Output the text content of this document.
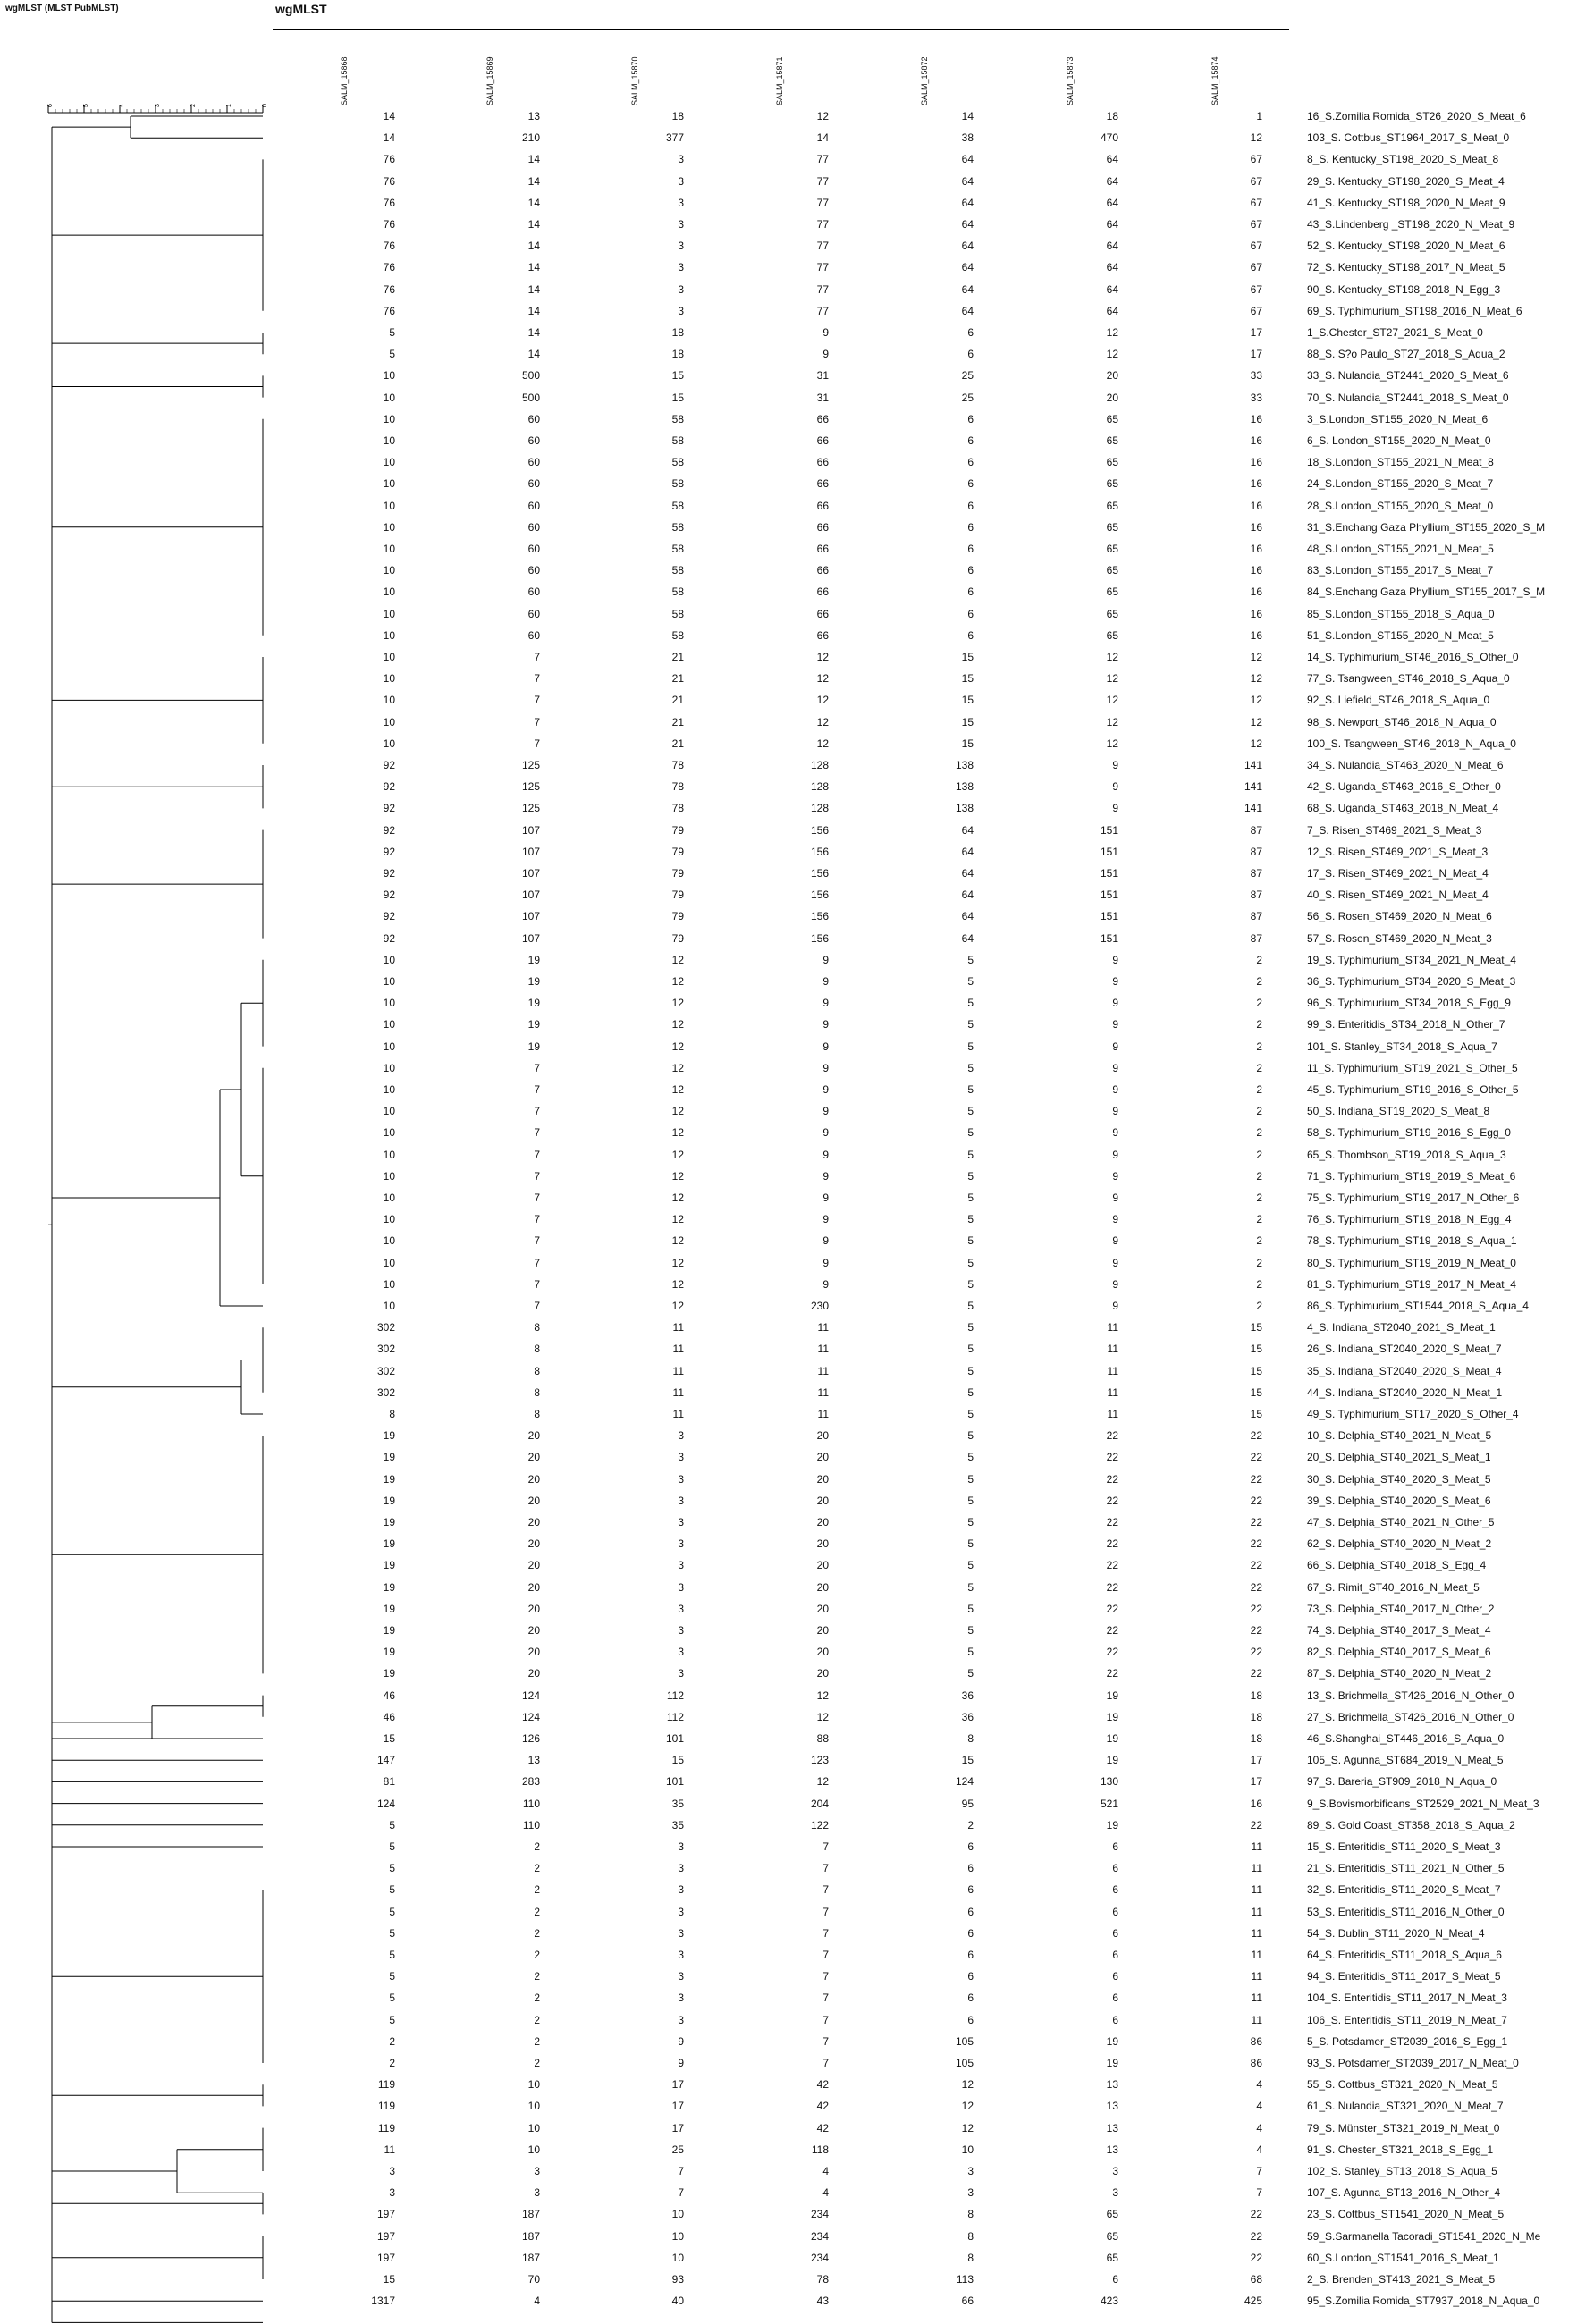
wgMLST (MLST PubMLST)	wgMLST
SALM_15868	SALM_15869	SALM_15870	SALM_15871	SALM_15872	SALM_15873	SALM_15874
6	5	4	3	2	1	0
14	13	18	12	14	18	1	16_S.Zomilia Romida_ST26_2020_S_Meat_6
14	210	377	14	38	470	12	103_S. Cottbus_ST1964_2017_S_Meat_0
76	14	3	77	64	64	67	8_S. Kentucky_ST198_2020_S_Meat_8
76	14	3	77	64	64	67	29_S. Kentucky_ST198_2020_S_Meat_4
76	14	3	77	64	64	67	41_S. Kentucky_ST198_2020_N_Meat_9
76	14	3	77	64	64	67	43_S.Lindenberg _ST198_2020_N_Meat_9
76	14	3	77	64	64	67	52_S. Kentucky_ST198_2020_N_Meat_6
76	14	3	77	64	64	67	72_S. Kentucky_ST198_2017_N_Meat_5
76	14	3	77	64	64	67	90_S. Kentucky_ST198_2018_N_Egg_3
76	14	3	77	64	64	67	69_S. Typhimurium_ST198_2016_N_Meat_6
5	14	18	9	6	12	17	1_S.Chester_ST27_2021_S_Meat_0
5	14	18	9	6	12	17	88_S. S?o Paulo_ST27_2018_S_Aqua_2
10	500	15	31	25	20	33	33_S. Nulandia_ST2441_2020_S_Meat_6
10	500	15	31	25	20	33	70_S. Nulandia_ST2441_2018_S_Meat_0
10	60	58	66	6	65	16	3_S.London_ST155_2020_N_Meat_6
10	60	58	66	6	65	16	6_S. London_ST155_2020_N_Meat_0
10	60	58	66	6	65	16	18_S.London_ST155_2021_N_Meat_8
10	60	58	66	6	65	16	24_S.London_ST155_2020_S_Meat_7
10	60	58	66	6	65	16	28_S.London_ST155_2020_S_Meat_0
10	60	58	66	6	65	16	31_S.Enchang Gaza Phyllium_ST155_2020_S_M
10	60	58	66	6	65	16	48_S.London_ST155_2021_N_Meat_5
10	60	58	66	6	65	16	83_S.London_ST155_2017_S_Meat_7
10	60	58	66	6	65	16	84_S.Enchang Gaza Phyllium_ST155_2017_S_M
10	60	58	66	6	65	16	85_S.London_ST155_2018_S_Aqua_0
10	60	58	66	6	65	16	51_S.London_ST155_2020_N_Meat_5
10	7	21	12	15	12	12	14_S. Typhimurium_ST46_2016_S_Other_0
10	7	21	12	15	12	12	77_S. Tsangween_ST46_2018_S_Aqua_0
10	7	21	12	15	12	12	92_S. Liefield_ST46_2018_S_Aqua_0
10	7	21	12	15	12	12	98_S. Newport_ST46_2018_N_Aqua_0
10	7	21	12	15	12	12	100_S. Tsangween_ST46_2018_N_Aqua_0
92	125	78	128	138	9	141	34_S. Nulandia_ST463_2020_N_Meat_6
92	125	78	128	138	9	141	42_S. Uganda_ST463_2016_S_Other_0
92	125	78	128	138	9	141	68_S. Uganda_ST463_2018_N_Meat_4
92	107	79	156	64	151	87	7_S. Risen_ST469_2021_S_Meat_3
92	107	79	156	64	151	87	12_S. Risen_ST469_2021_S_Meat_3
92	107	79	156	64	151	87	17_S. Risen_ST469_2021_N_Meat_4
92	107	79	156	64	151	87	40_S. Risen_ST469_2021_N_Meat_4
92	107	79	156	64	151	87	56_S. Rosen_ST469_2020_N_Meat_6
92	107	79	156	64	151	87	57_S. Rosen_ST469_2020_N_Meat_3
10	19	12	9	5	9	2	19_S. Typhimurium_ST34_2021_N_Meat_4
10	19	12	9	5	9	2	36_S. Typhimurium_ST34_2020_S_Meat_3
10	19	12	9	5	9	2	96_S. Typhimurium_ST34_2018_S_Egg_9
10	19	12	9	5	9	2	99_S. Enteritidis_ST34_2018_N_Other_7
10	19	12	9	5	9	2	101_S. Stanley_ST34_2018_S_Aqua_7
10	7	12	9	5	9	2	11_S. Typhimurium_ST19_2021_S_Other_5
10	7	12	9	5	9	2	45_S. Typhimurium_ST19_2016_S_Other_5
10	7	12	9	5	9	2	50_S. Indiana_ST19_2020_S_Meat_8
10	7	12	9	5	9	2	58_S. Typhimurium_ST19_2016_S_Egg_0
10	7	12	9	5	9	2	65_S. Thombson_ST19_2018_S_Aqua_3
10	7	12	9	5	9	2	71_S. Typhimurium_ST19_2019_S_Meat_6
10	7	12	9	5	9	2	75_S. Typhimurium_ST19_2017_N_Other_6
10	7	12	9	5	9	2	76_S. Typhimurium_ST19_2018_N_Egg_4
10	7	12	9	5	9	2	78_S. Typhimurium_ST19_2018_S_Aqua_1
10	7	12	9	5	9	2	80_S. Typhimurium_ST19_2019_N_Meat_0
10	7	12	9	5	9	2	81_S. Typhimurium_ST19_2017_N_Meat_4
10	7	12	230	5	9	2	86_S. Typhimurium_ST1544_2018_S_Aqua_4
302	8	11	11	5	11	15	4_S. Indiana_ST2040_2021_S_Meat_1
302	8	11	11	5	11	15	26_S. Indiana_ST2040_2020_S_Meat_7
302	8	11	11	5	11	15	35_S. Indiana_ST2040_2020_S_Meat_4
302	8	11	11	5	11	15	44_S. Indiana_ST2040_2020_N_Meat_1
8	8	11	11	5	11	15	49_S. Typhimurium_ST17_2020_S_Other_4
19	20	3	20	5	22	22	10_S. Delphia_ST40_2021_N_Meat_5
19	20	3	20	5	22	22	20_S. Delphia_ST40_2021_S_Meat_1
19	20	3	20	5	22	22	30_S. Delphia_ST40_2020_S_Meat_5
19	20	3	20	5	22	22	39_S. Delphia_ST40_2020_S_Meat_6
19	20	3	20	5	22	22	47_S. Delphia_ST40_2021_N_Other_5
19	20	3	20	5	22	22	62_S. Delphia_ST40_2020_N_Meat_2
19	20	3	20	5	22	22	66_S. Delphia_ST40_2018_S_Egg_4
19	20	3	20	5	22	22	67_S. Rimit_ST40_2016_N_Meat_5
19	20	3	20	5	22	22	73_S. Delphia_ST40_2017_N_Other_2
19	20	3	20	5	22	22	74_S. Delphia_ST40_2017_S_Meat_4
19	20	3	20	5	22	22	82_S. Delphia_ST40_2017_S_Meat_6
19	20	3	20	5	22	22	87_S. Delphia_ST40_2020_N_Meat_2
46	124	112	12	36	19	18	13_S. Brichmella_ST426_2016_N_Other_0
46	124	112	12	36	19	18	27_S. Brichmella_ST426_2016_N_Other_0
15	126	101	88	8	19	18	46_S.Shanghai_ST446_2016_S_Aqua_0
147	13	15	123	15	19	17	105_S. Agunna_ST684_2019_N_Meat_5
81	283	101	12	124	130	17	97_S. Bareria_ST909_2018_N_Aqua_0
124	110	35	204	95	521	16	9_S.Bovismorbificans_ST2529_2021_N_Meat_3
5	110	35	122	2	19	22	89_S. Gold Coast_ST358_2018_S_Aqua_2
5	2	3	7	6	6	11	15_S. Enteritidis_ST11_2020_S_Meat_3
5	2	3	7	6	6	11	21_S. Enteritidis_ST11_2021_N_Other_5
5	2	3	7	6	6	11	32_S. Enteritidis_ST11_2020_S_Meat_7
5	2	3	7	6	6	11	53_S. Enteritidis_ST11_2016_N_Other_0
5	2	3	7	6	6	11	54_S. Dublin_ST11_2020_N_Meat_4
5	2	3	7	6	6	11	64_S. Enteritidis_ST11_2018_S_Aqua_6
5	2	3	7	6	6	11	94_S. Enteritidis_ST11_2017_S_Meat_5
5	2	3	7	6	6	11	104_S. Enteritidis_ST11_2017_N_Meat_3
5	2	3	7	6	6	11	106_S. Enteritidis_ST11_2019_N_Meat_7
2	2	9	7	105	19	86	5_S. Potsdamer_ST2039_2016_S_Egg_1
2	2	9	7	105	19	86	93_S. Potsdamer_ST2039_2017_N_Meat_0
119	10	17	42	12	13	4	55_S. Cottbus_ST321_2020_N_Meat_5
119	10	17	42	12	13	4	61_S. Nulandia_ST321_2020_N_Meat_7
119	10	17	42	12	13	4	79_S. Münster_ST321_2019_N_Meat_0
11	10	25	118	10	13	4	91_S. Chester_ST321_2018_S_Egg_1
3	3	7	4	3	3	7	102_S. Stanley_ST13_2018_S_Aqua_5
3	3	7	4	3	3	7	107_S. Agunna_ST13_2016_N_Other_4
197	187	10	234	8	65	22	23_S. Cottbus_ST1541_2020_N_Meat_5
197	187	10	234	8	65	22	59_S.Sarmanella Tacoradi_ST1541_2020_N_Me
197	187	10	234	8	65	22	60_S.London_ST1541_2016_S_Meat_1
15	70	93	78	113	6	68	2_S. Brenden_ST413_2021_S_Meat_5
1317	4	40	43	66	423	425	95_S.Zomilia Romida_ST7937_2018_N_Aqua_0
